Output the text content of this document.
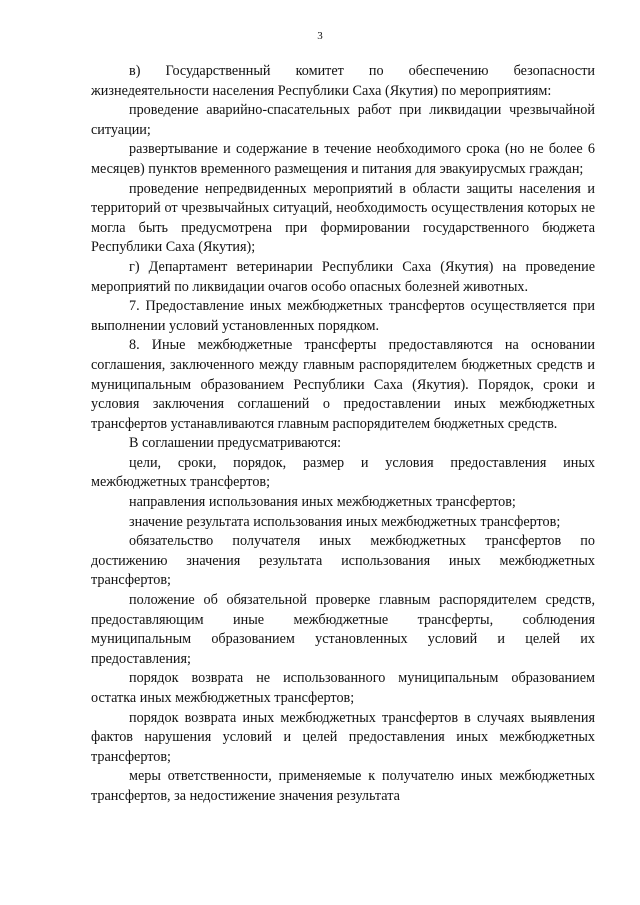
3

в) Государственный комитет по обеспечению безопасности жизнедеятельности населения Республики Саха (Якутия) по мероприятиям:

проведение аварийно-спасательных работ при ликвидации чрезвычайной ситуации;

развертывание и содержание в течение необходимого срока (но не более 6 месяцев) пунктов временного размещения и питания для эвакуирусмых граждан;

проведение непредвиденных мероприятий в области защиты населения и территорий от чрезвычайных ситуаций, необходимость осуществления которых не могла быть предусмотрена при формировании государственного бюджета Республики Саха (Якутия);

г) Департамент ветеринарии Республики Саха (Якутия) на проведение мероприятий по ликвидации очагов особо опасных болезней животных.

7. Предоставление иных межбюджетных трансфертов осуществляется при выполнении условий установленных порядком.

8. Иные межбюджетные трансферты предоставляются на основании соглашения, заключенного между главным распорядителем бюджетных средств и муниципальным образованием Республики Саха (Якутия). Порядок, сроки и условия заключения соглашений о предоставлении иных межбюджетных трансфертов устанавливаются главным распорядителем бюджетных средств.

В соглашении предусматриваются:

цели, сроки, порядок, размер и условия предоставления иных межбюджетных трансфертов;

направления использования иных межбюджетных трансфертов;

значение результата использования иных межбюджетных трансфертов;

обязательство получателя иных межбюджетных трансфертов по достижению значения результата использования иных межбюджетных трансфертов;

положение об обязательной проверке главным распорядителем средств, предоставляющим иные межбюджетные трансферты, соблюдения муниципальным образованием установленных условий и целей их предоставления;

порядок возврата не использованного муниципальным образованием остатка иных межбюджетных трансфертов;

порядок возврата иных межбюджетных трансфертов в случаях выявления фактов нарушения условий и целей предоставления иных межбюджетных трансфертов;

меры ответственности, применяемые к получателю иных межбюджетных трансфертов, за недостижение значения результата
